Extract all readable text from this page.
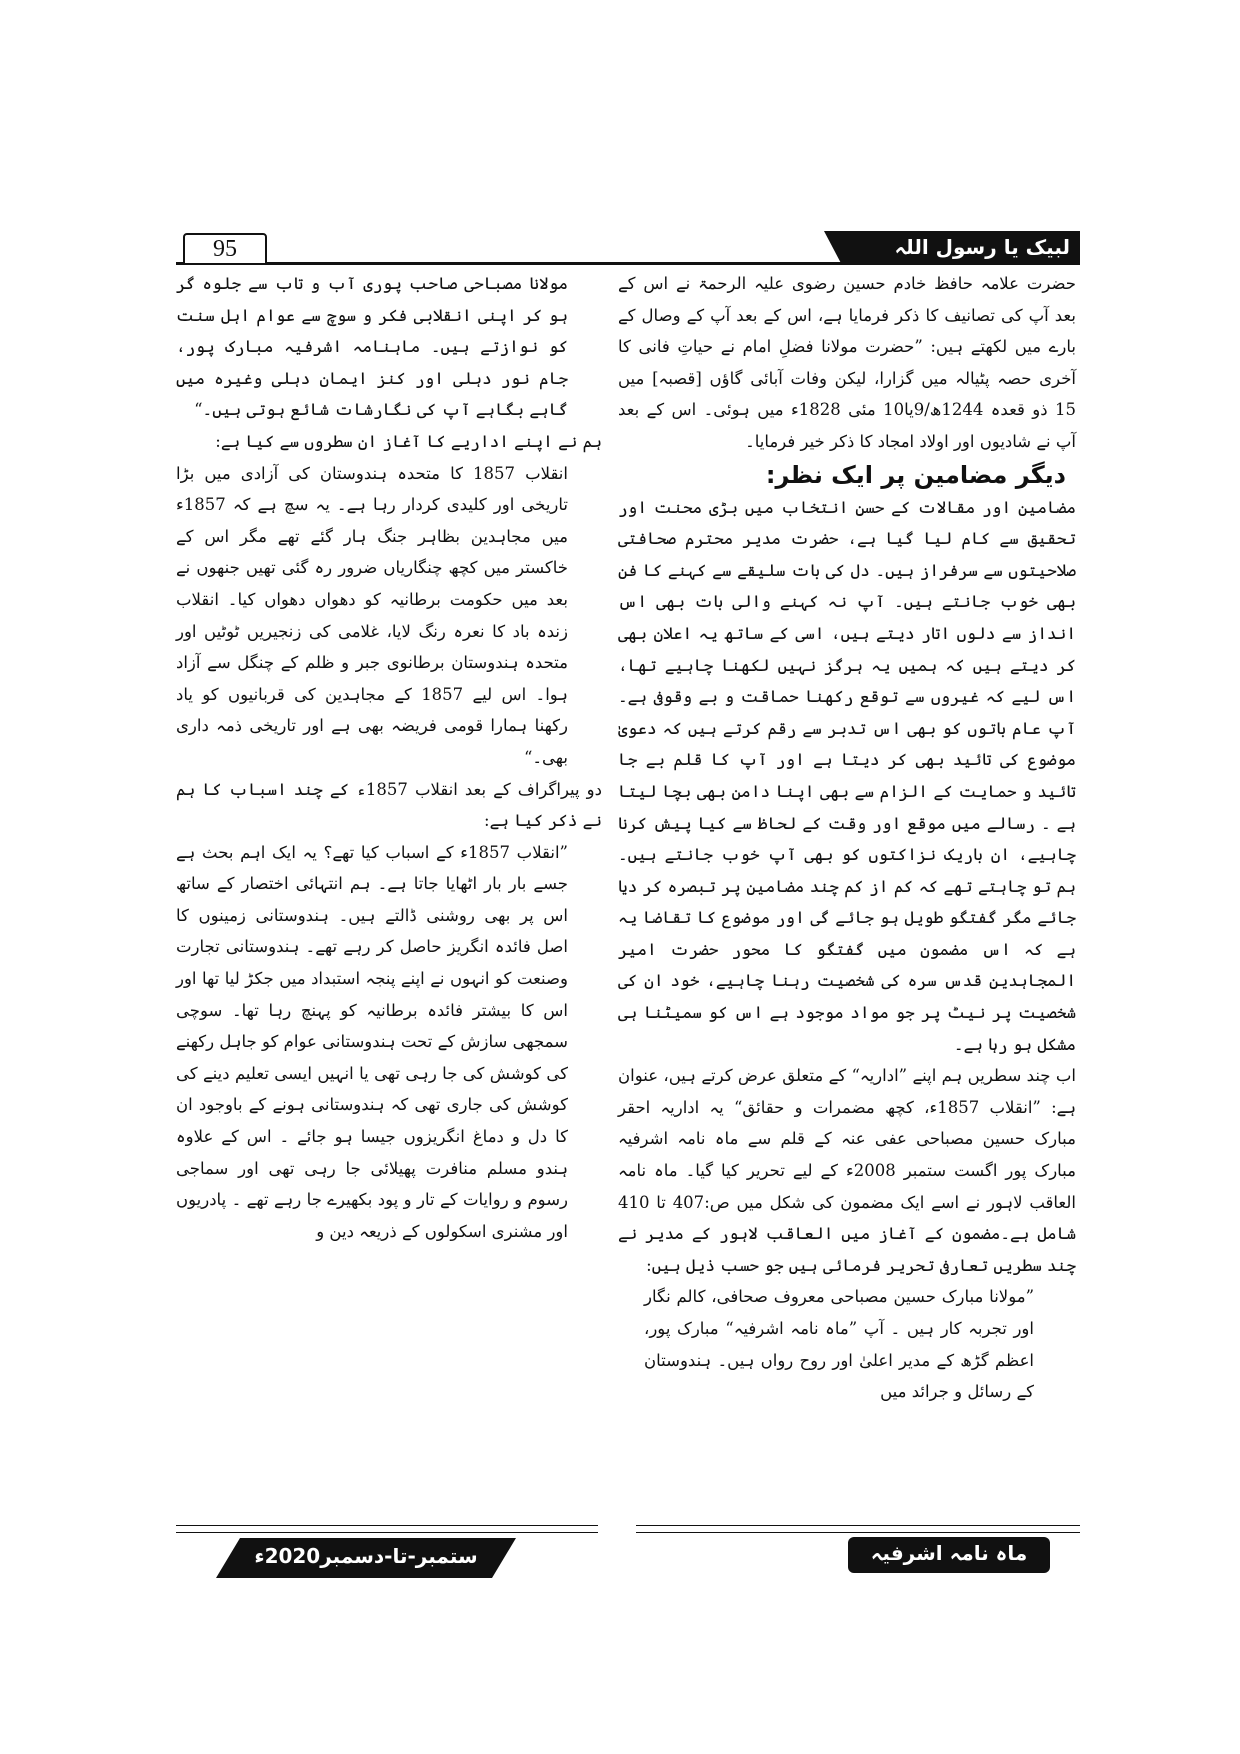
95	لبیک یا رسول اللہ

حضرت علامہ حافظ خادم حسین رضوی علیہ الرحمۃ نے اس کے بعد آپ کی تصانیف کا ذکر فرمایا ہے، اس کے بعد آپ کے وصال کے بارے میں لکھتے ہیں: ”حضرت مولانا فضلِ امام نے حیاتِ فانی کا آخری حصہ پٹیالہ میں گزارا، لیکن وفات آبائی گاؤں [قصبہ] میں 15 ذو قعدہ 1244ھ/9یا10 مئی 1828ء میں ہوئی۔ اس کے بعد آپ نے شادیوں اور اولاد امجاد کا ذکر خیر فرمایا۔

دیگر مضامین پر ایک نظر:

مضامین اور مقالات کے حسنِ انتخاب میں بڑی محنت اور تحقیق سے کام لیا گیا ہے، حضرت مدیر محترم صحافتی صلاحیتوں سے سرفراز ہیں۔ دل کی بات سلیقے سے کہنے کا فن بھی خوب جانتے ہیں۔ آپ نہ کہنے والی بات بھی اس انداز سے دلوں اتار دیتے ہیں، اسی کے ساتھ یہ اعلان بھی کر دیتے ہیں کہ ہمیں یہ ہرگز نہیں لکھنا چاہیے تھا، اس لیے کہ غیروں سے توقع رکھنا حماقت و بے وقوفی ہے۔ آپ عام باتوں کو بھی اس تدبر سے رقم کرتے ہیں کہ دعویٰ موضوع کی تائید بھی کر دیتا ہے اور آپ کا قلم بے جا تائید و حمایت کے الزام سے بھی اپنا دامن بھی بچا لیتا ہے ۔ رسالے میں موقع اور وقت کے لحاظ سے کیا پیش کرنا چاہیے، ان باریک نزاکتوں کو بھی آپ خوب جانتے ہیں۔ ہم تو چاہتے تھے کہ کم از کم چند مضامین پر تبصرہ کر دیا جائے مگر گفتگو طویل ہو جائے گی اور موضوع کا تقاضا یہ ہے کہ اس مضمون میں گفتگو کا محور حضرت امیر المجاہدین قدس سرہ کی شخصیت رہنا چاہیے، خود ان کی شخصیت پر نیٹ پر جو مواد موجود ہے اس کو سمیٹنا ہی مشکل ہو رہا ہے۔

اب چند سطریں ہم اپنے ”اداریہ“ کے متعلق عرض کرتے ہیں، عنوان ہے: ”انقلاب 1857ء، کچھ مضمرات و حقائق“ یہ اداریہ احقر مبارک حسین مصباحی عفی عنہ کے قلم سے ماہ نامہ اشرفیہ مبارک پور اگست ستمبر 2008ء کے لیے تحریر کیا گیا۔ ماہ نامہ العاقب لاہور نے اسے ایک مضمون کی شکل میں ص:407 تا 410 شامل ہے۔مضمون کے آغاز میں العاقب لاہور کے مدیر نے چند سطریں تعارفی تحریر فرمائی ہیں جو حسب ذیل ہیں:

”مولانا مبارک حسین مصباحی معروف صحافی، کالم نگار اور تجربہ کار ہیں ۔ آپ ”ماہ نامہ اشرفیہ“ مبارک پور، اعظم گڑھ کے مدیر اعلیٰ اور روح رواں ہیں۔ ہندوستان کے رسائل و جرائد میں

مولانا مصباحی صاحب پوری آب و تاب سے جلوہ گر ہو کر اپنی انقلابی فکر و سوچ سے عوام اہل سنت کو نوازتے ہیں۔ ماہنامہ اشرفیہ مبارک پور، جام نور دہلی اور کنز ایمان دہلی وغیرہ میں گاہے بگاہے آپ کی نگارشات شائع ہوتی ہیں۔“

ہم نے اپنے اداریے کا آغاز ان سطروں سے کیا ہے:

انقلاب 1857 کا متحدہ ہندوستان کی آزادی میں بڑا تاریخی اور کلیدی کردار رہا ہے۔ یہ سچ ہے کہ 1857ء میں مجاہدین بظاہر جنگ ہار گئے تھے مگر اس کے خاکستر میں کچھ چنگاریاں ضرور رہ گئی تھیں جنھوں نے بعد میں حکومت برطانیہ کو دھواں دھواں کیا۔ انقلاب زندہ باد کا نعرہ رنگ لایا، غلامی کی زنجیریں ٹوٹیں اور متحدہ ہندوستان برطانوی جبر و ظلم کے چنگل سے آزاد ہوا۔ اس لیے 1857 کے مجاہدین کی قربانیوں کو یاد رکھنا ہمارا قومی فریضہ بھی ہے اور تاریخی ذمہ داری بھی۔“

دو پیراگراف کے بعد انقلاب 1857ء کے چند اسباب کا ہم نے ذکر کیا ہے:

”انقلاب 1857ء کے اسباب کیا تھے؟ یہ ایک اہم بحث ہے جسے بار بار اٹھایا جاتا ہے۔ ہم انتہائی اختصار کے ساتھ اس پر بھی روشنی ڈالتے ہیں۔ ہندوستانی زمینوں کا اصل فائدہ انگریز حاصل کر رہے تھے۔ ہندوستانی تجارت وصنعت کو انہوں نے اپنے پنجہ استبداد میں جکڑ لیا تھا اور اس کا بیشتر فائدہ برطانیہ کو پہنچ رہا تھا۔ سوچی سمجھی سازش کے تحت ہندوستانی عوام کو جاہل رکھنے کی کوشش کی جا رہی تھی یا انہیں ایسی تعلیم دینے کی کوشش کی جاری تھی کہ ہندوستانی ہونے کے باوجود ان کا دل و دماغ انگریزوں جیسا ہو جائے ۔ اس کے علاوہ ہندو مسلم منافرت پھیلائی جا رہی تھی اور سماجی رسوم و روایات کے تار و پود بکھیرے جا رہے تھے ۔ پادریوں اور مشنری اسکولوں کے ذریعہ دین و

ستمبر-تا-دسمبر2020ء	ماہ نامہ اشرفیہ
